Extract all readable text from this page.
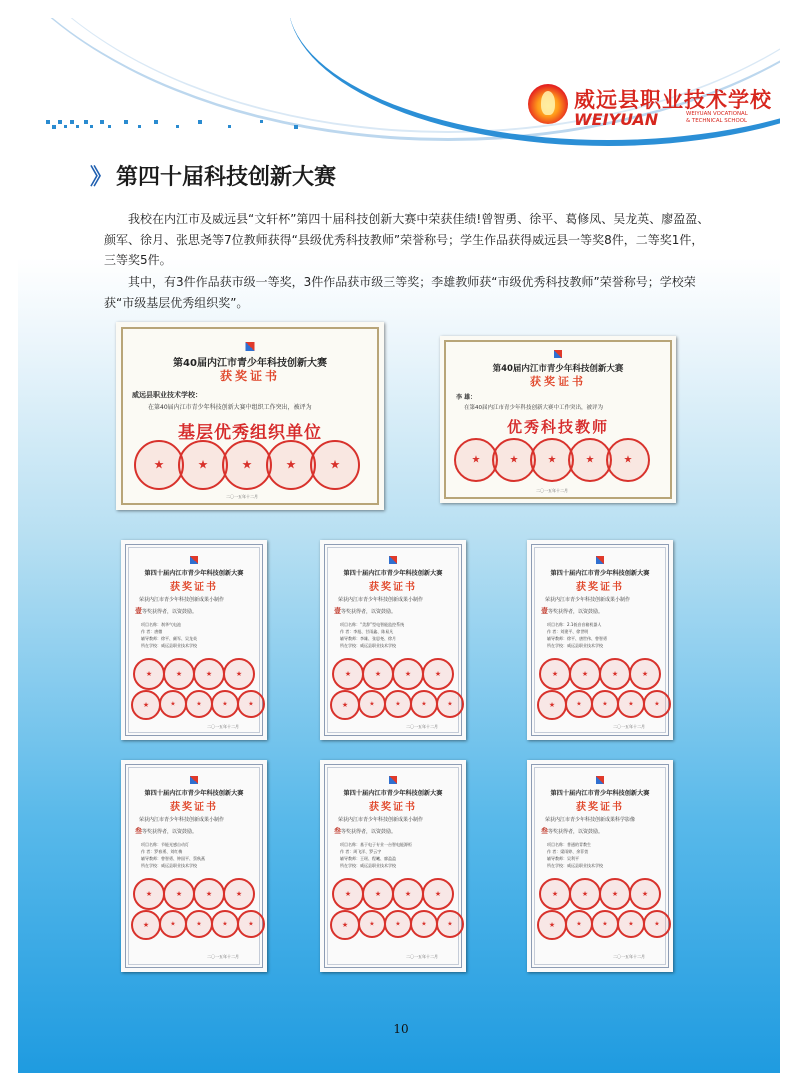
威远县职业技术学校
WEIYUAN	WEIYUAN VOCATIONAL
& TECHNICAL SCHOOL
》 第四十届科技创新大赛
我校在内江市及威远县“文轩杯”第四十届科技创新大赛中荣获佳绩!曾智勇、徐平、葛修凤、吴龙英、廖盈盈、颜军、徐月、张思尧等7位教师获得“县级优秀科技教师”荣誉称号；学生作品获得威远县一等奖8件，二等奖1件，三等奖5件。
其中，有3件作品获市级一等奖，3件作品获市级三等奖；李雄教师获“市级优秀科技教师”荣誉称号；学校荣获“市级基层优秀组织奖”。
第40届内江市青少年科技创新大赛
获奖证书
威远县职业技术学校：
在第40届内江市青少年科技创新大赛中组织工作突出，被评为
基层优秀组织单位
★
★
★
★
★
二〇一五年十二月
第40届内江市青少年科技创新大赛
获奖证书
李 雄：
在第40届内江市青少年科技创新大赛中工作突出，被评为
优秀科技教师
★
★
★
★
★
二〇一五年十二月
第四十届内江市青少年科技创新大赛
获奖证书
荣获内江市青少年科技创新成果小制作
壹等奖获得者，以资鼓励。
项目名称：刹华气电池
作 者：唐微
辅导教师：徐平、颜军、吴龙英
所在学校：威远县职业技术学校
★
★
★
★
★
★
★
★
★
二〇一五年十二月
第四十届内江市青少年科技创新大赛
获奖证书
荣获内江市青少年科技创新成果小制作
壹等奖获得者，以资鼓励。
项目名称：“美辞”型电智能监控系统
作 者：李旭、甘雨鑫、陈易凡
辅导教师：李雄、张思尧、徐月
所在学校：威远县职业技术学校
★
★
★
★
★
★
★
★
★
二〇一五年十二月
第四十届内江市青少年科技创新大赛
获奖证书
荣获内江市青少年科技创新成果小制作
壹等奖获得者，以资鼓励。
项目名称：2.1低音音箱机器人
作 者：刘建平、徐世明
辅导教师：徐平、唐世伟、曾智勇
所在学校：威远县职业技术学校
★
★
★
★
★
★
★
★
★
二〇一五年十二月
第四十届内江市青少年科技创新大赛
获奖证书
荣获内江市青少年科技创新成果小制作
叁等奖获得者，以资鼓励。
项目名称：节能光感自动灯
作 者：罗春勇、刘红梅
辅导教师：曾智勇、钟国平、蔡秋燕
所在学校：威远县职业技术学校
★
★
★
★
★
★
★
★
★
二〇一五年十二月
第四十届内江市青少年科技创新大赛
获奖证书
荣获内江市青少年科技创新成果小制作
叁等奖获得者，以资鼓励。
项目名称：基于电子专业一台智电能源柜
作 者：周飞洋、罗云宇
辅导教师：王瑶、程曦、廖盈盈
所在学校：威远县职业技术学校
★
★
★
★
★
★
★
★
★
二〇一五年十二月
第四十届内江市青少年科技创新大赛
获奖证书
荣获内江市青少年科技创新成果科学影像
叁等奖获得者，以资鼓励。
项目名称：普通的青教生
作 者：梁雨婷、余菲萱
辅导教师：吴利平
所在学校：威远县职业技术学校
★
★
★
★
★
★
★
★
★
二〇一五年十二月
10
